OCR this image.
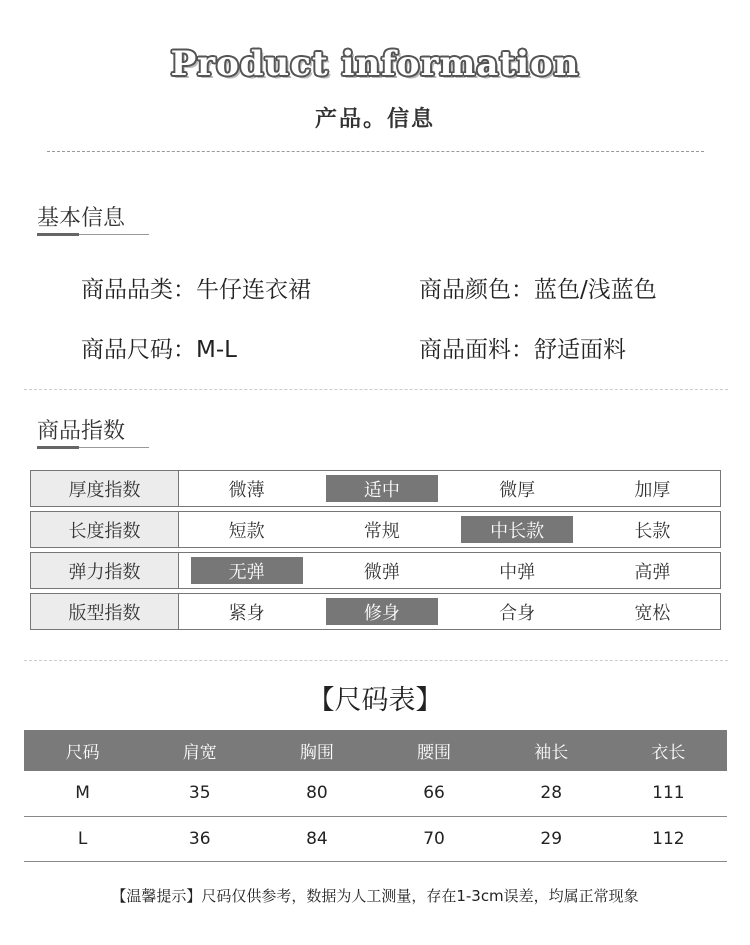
Product information
产品。信息
基本信息
商品品类：牛仔连衣裙	商品颜色：蓝色/浅蓝色
商品尺码：M-L	商品面料：舒适面料
商品指数
厚度指数	微薄	适中	微厚	加厚
长度指数	短款	常规	中长款	长款
弹力指数	无弹	微弹	中弹	高弹
版型指数	紧身	修身	合身	宽松
【尺码表】
尺码	肩宽	胸围	腰围	袖长	衣长
M	35	80	66	28	111
L	36	84	70	29	112
【温馨提示】尺码仅供参考，数据为人工测量，存在1-3cm误差，均属正常现象
